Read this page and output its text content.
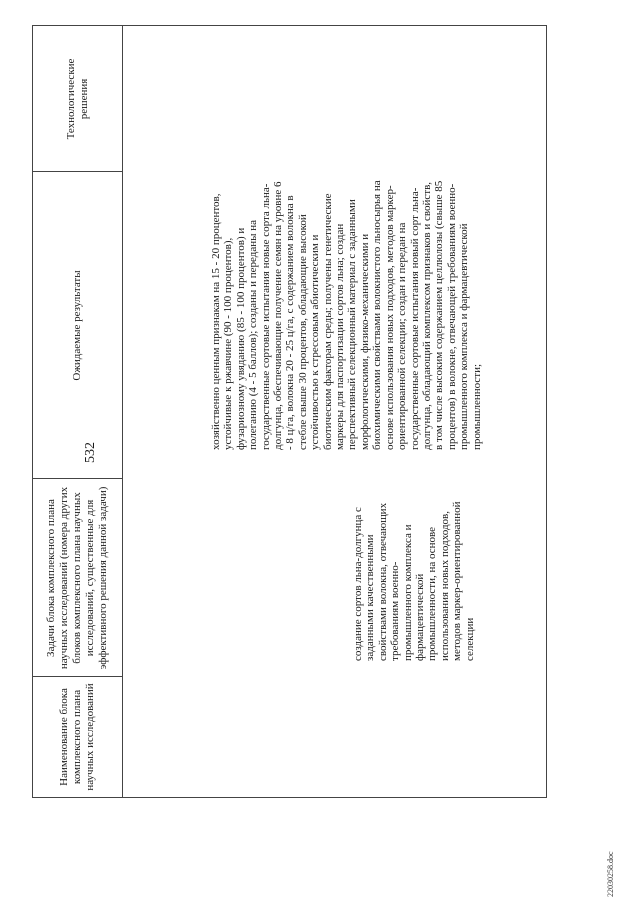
532
Наименование блока комплексного плана научных исследований
Задачи блока комплексного плана научных исследований (номера других блоков комплексного плана научных исследований, существенные для эффективного решения данной задачи)
Ожидаемые результаты
Технологические решения
создание сортов льна-долгунца с заданными качественными свойствами волокна, отвечающих требованиям военно-промышленного комплекса и фармацевтической промышленности, на основе использования новых подходов, методов маркер-ориентированной селекции
хозяйственно ценным признакам на 15 - 20 процентов, устойчивые к ржавчине (90 - 100 процентов), фузариозному увяданию (85 - 100 процентов) и полеганию (4 - 5 баллов); созданы и переданы на государственные сортовые испытания новые сорта льна-долгунца, обеспечивающие получение семян на уровне 6 - 8 ц/га, волокна 20 - 25 ц/га, с содержанием волокна в стебле свыше 30 процентов, обладающие высокой устойчивостью к стрессовым абиотическим и биотическим факторам среды; получены генетические маркеры для паспортизации сортов льна; создан перспективный селекционный материал с заданными морфологическими, физико-механическими и биохимическими свойствами волокнистого льносырья на основе использования новых подходов, методов маркер-ориентированной селекции; создан и передан на государственные сортовые испытания новый сорт льна-долгунца, обладающий комплексом признаков и свойств, в том числе высоким содержанием целлюлозы (свыше 85 процентов) в волокне, отвечающей требованиям военно-промышленного комплекса и фармацевтической промышленности;
22030258.doc
